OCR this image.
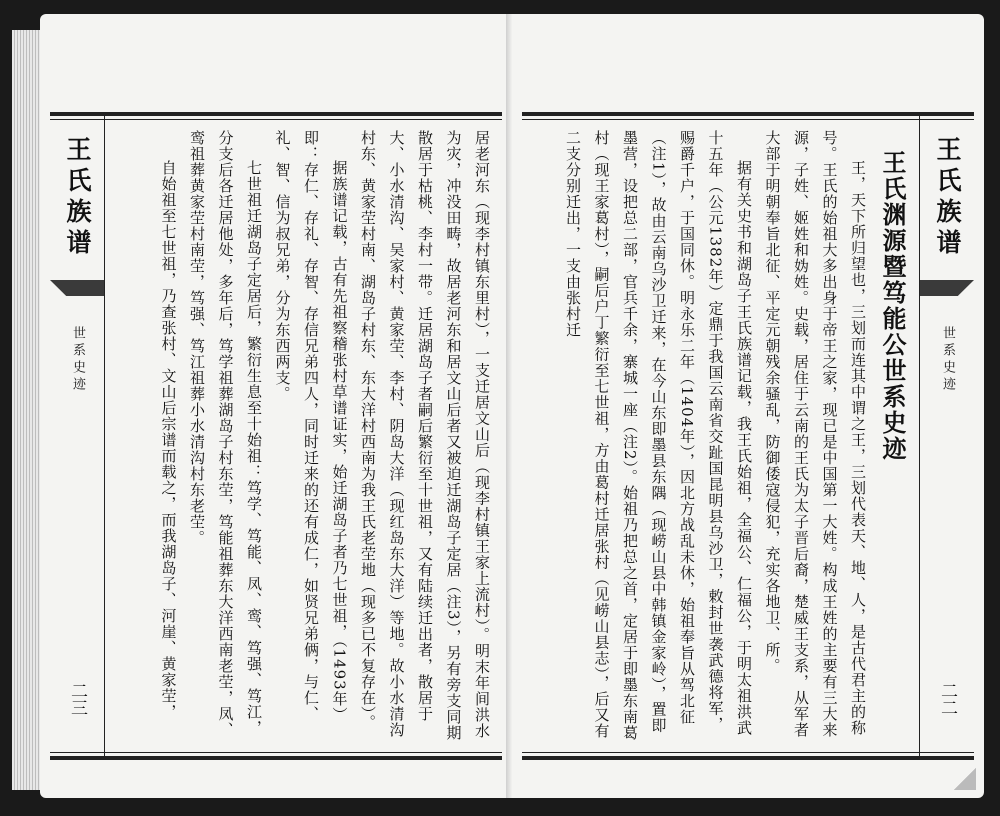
王氏族谱
世系史迹
二三	居老河东（现李村镇东里村），一支迁居文山后（现李村镇王家上流村）。明末年间洪水为灾，冲没田畴，故居老河东和居文山后者又被迫迁湖岛子定居（注3），另有旁支同期散居于枯桃、李村一带。迁居湖岛子者嗣后繁衍至十世祖，又有陆续迁出者，散居于大、小水清沟、吴家村、黄家茔、李村、阴岛大洋（现红岛东大洋）等地。故小水清沟村东、黄家茔村南、湖岛子村东、东大洋村西南为我王氏老茔地（现多已不复存在）。

据族谱记载，古有先祖察稽张村草谱证实，始迁湖岛子者乃七世祖，（1493年）即：存仁、存礼、存智、存信兄弟四人，同时迁来的还有成仁，如贤兄弟俩，与仁、礼、智、信为叔兄弟，分为东西两支。

七世祖迁湖岛子定居后，繁衍生息至十始祖：笃学、笃能、凤、鸾、笃强、笃江，分支后各迁居他处，多年后，笃学祖葬湖岛子村东茔，笃能祖葬东大洋西南老茔，凤、鸾祖葬黄家茔村南茔，笃强、笃江祖葬小水清沟村东老茔。

自始祖至七世祖，乃查张村、文山后宗谱而载之，而我湖岛子、河崖、黄家茔，	王氏渊源暨笃能公世系史迹

王，天下所归望也，三划而连其中谓之王，三划代表天、地、人，是古代君主的称号。王氏的始祖大多出身于帝王之家，现已是中国第一大姓。构成王姓的主要有三大来源，子姓、姬姓和妫姓。史载，居住于云南的王氏为太子晋后裔，楚威王支系，从军者大部于明朝奉旨北征、平定元朝残余骚乱，防御倭寇侵犯，充实各地卫、所。

据有关史书和湖岛子王氏族谱记载，我王氏始祖，全福公、仁福公，于明太祖洪武十五年（公元1382年）定鼎于我国云南省交趾国昆明县乌沙卫，敕封世袭武德将军，赐爵千户，于国同休。明永乐二年（1404年），因北方战乱未休，始祖奉旨从驾北征（注1），故由云南乌沙卫迁来，在今山东即墨县东隅（现崂山县中韩镇金家岭），置即墨营，设把总二部，官兵千余，寨城一座（注2）。始祖乃把总之首，定居于即墨东南葛村（现王家葛村），嗣后户丁繁衍至七世祖，方由葛村迁居张村（见崂山县志），后又有二支分别迁出，一支由张村迁	王氏族谱
世系史迹
二二
